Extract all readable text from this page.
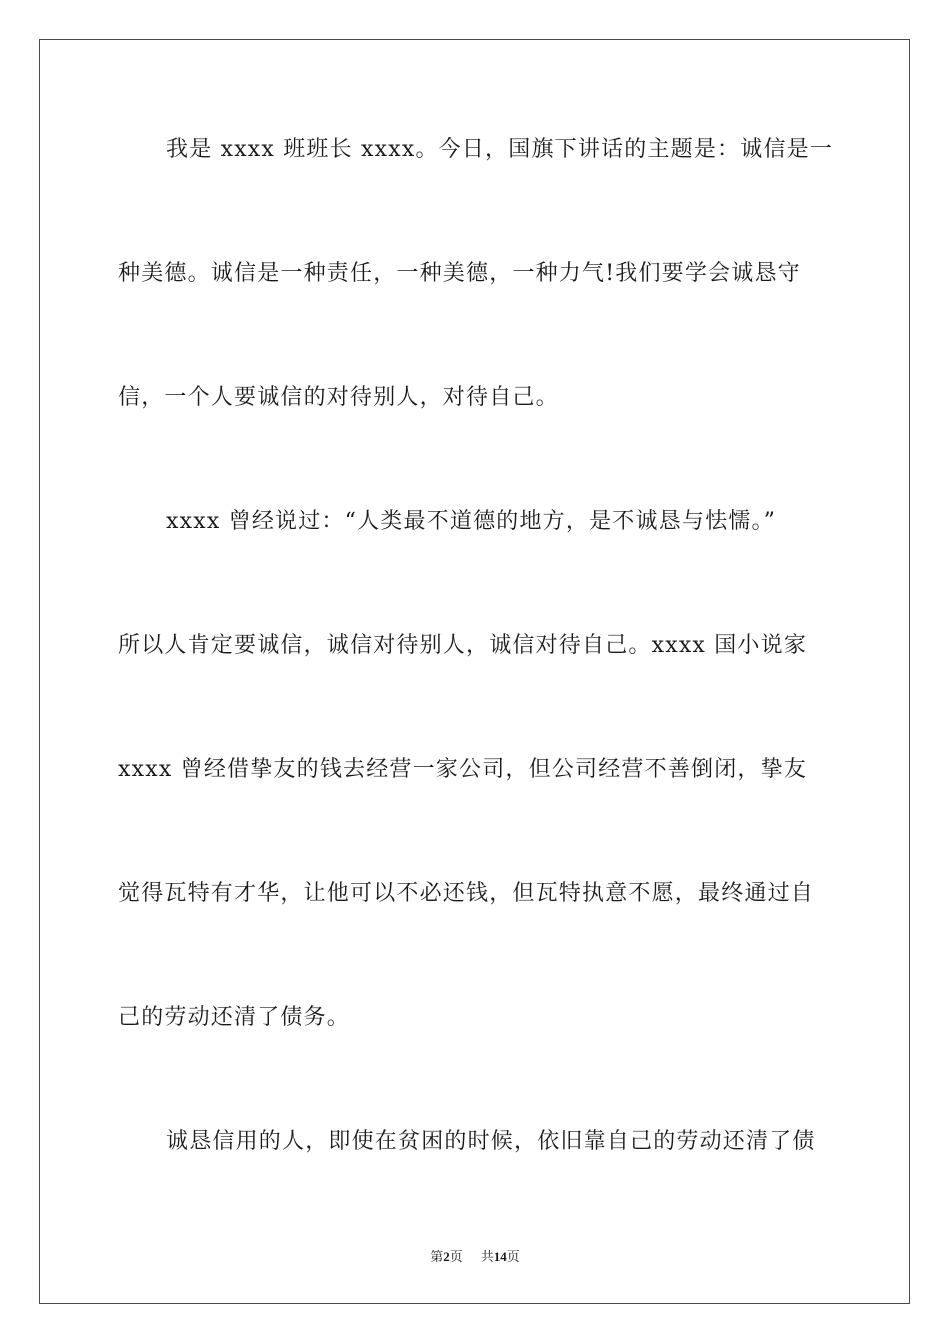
我是 xxxx 班班长 xxxx。今日，国旗下讲话的主题是：诚信是一
种美德。诚信是一种责任，一种美德，一种力气!我们要学会诚恳守
信，一个人要诚信的对待别人，对待自己。
xxxx 曾经说过：“人类最不道德的地方，是不诚恳与怯懦。”
所以人肯定要诚信，诚信对待别人，诚信对待自己。xxxx 国小说家
xxxx 曾经借挚友的钱去经营一家公司，但公司经营不善倒闭，挚友
觉得瓦特有才华，让他可以不必还钱，但瓦特执意不愿，最终通过自
己的劳动还清了债务。
诚恳信用的人，即使在贫困的时候，依旧靠自己的劳动还清了债
第2页 共14页
